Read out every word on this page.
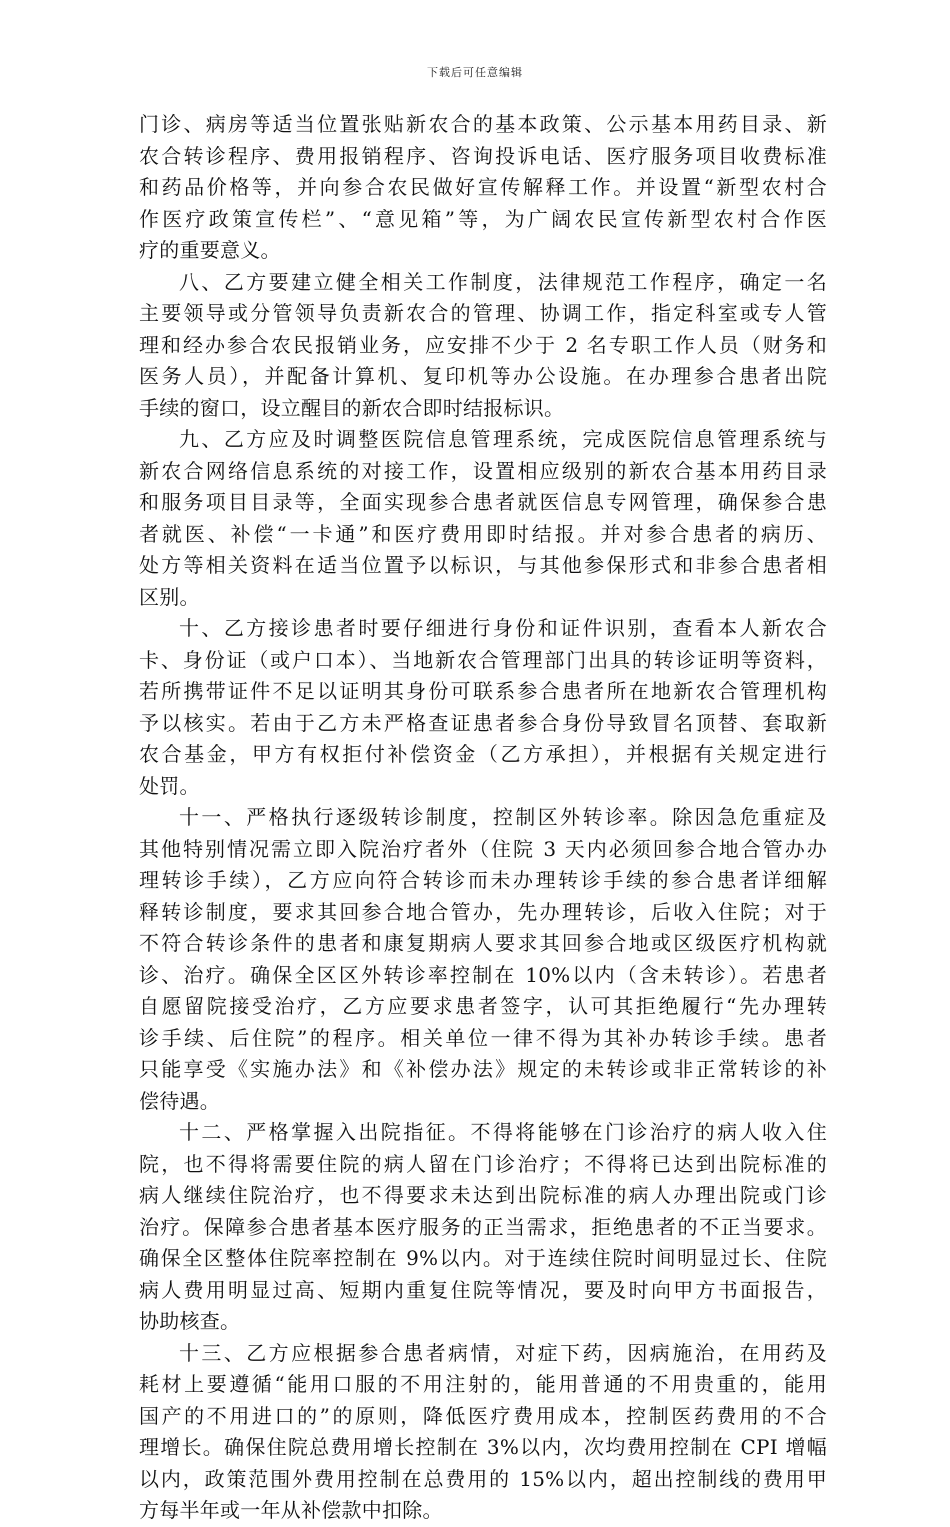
下载后可任意编辑
门诊、病房等适当位置张贴新农合的基本政策、公示基本用药目录、新
农合转诊程序、费用报销程序、咨询投诉电话、医疗服务项目收费标准
和药品价格等，并向参合农民做好宣传解释工作。并设置“新型农村合
作医疗政策宣传栏”、“意见箱”等，为广阔农民宣传新型农村合作医
疗的重要意义。
八、乙方要建立健全相关工作制度，法律规范工作程序，确定一名
主要领导或分管领导负责新农合的管理、协调工作，指定科室或专人管
理和经办参合农民报销业务，应安排不少于 2 名专职工作人员（财务和
医务人员），并配备计算机、复印机等办公设施。在办理参合患者出院
手续的窗口，设立醒目的新农合即时结报标识。
九、乙方应及时调整医院信息管理系统，完成医院信息管理系统与
新农合网络信息系统的对接工作，设置相应级别的新农合基本用药目录
和服务项目目录等，全面实现参合患者就医信息专网管理，确保参合患
者就医、补偿“一卡通”和医疗费用即时结报。并对参合患者的病历、
处方等相关资料在适当位置予以标识，与其他参保形式和非参合患者相
区别。
十、乙方接诊患者时要仔细进行身份和证件识别，查看本人新农合
卡、身份证（或户口本）、当地新农合管理部门出具的转诊证明等资料，
若所携带证件不足以证明其身份可联系参合患者所在地新农合管理机构
予以核实。若由于乙方未严格查证患者参合身份导致冒名顶替、套取新
农合基金，甲方有权拒付补偿资金（乙方承担），并根据有关规定进行
处罚。
十一、严格执行逐级转诊制度，控制区外转诊率。除因急危重症及
其他特别情况需立即入院治疗者外（住院 3 天内必须回参合地合管办办
理转诊手续），乙方应向符合转诊而未办理转诊手续的参合患者详细解
释转诊制度，要求其回参合地合管办，先办理转诊，后收入住院；对于
不符合转诊条件的患者和康复期病人要求其回参合地或区级医疗机构就
诊、治疗。确保全区区外转诊率控制在 10%以内（含未转诊）。若患者
自愿留院接受治疗，乙方应要求患者签字，认可其拒绝履行“先办理转
诊手续、后住院”的程序。相关单位一律不得为其补办转诊手续。患者
只能享受《实施办法》和《补偿办法》规定的未转诊或非正常转诊的补
偿待遇。
十二、严格掌握入出院指征。不得将能够在门诊治疗的病人收入住
院，也不得将需要住院的病人留在门诊治疗；不得将已达到出院标准的
病人继续住院治疗，也不得要求未达到出院标准的病人办理出院或门诊
治疗。保障参合患者基本医疗服务的正当需求，拒绝患者的不正当要求。
确保全区整体住院率控制在 9%以内。对于连续住院时间明显过长、住院
病人费用明显过高、短期内重复住院等情况，要及时向甲方书面报告，
协助核查。
十三、乙方应根据参合患者病情，对症下药，因病施治，在用药及
耗材上要遵循“能用口服的不用注射的，能用普通的不用贵重的，能用
国产的不用进口的”的原则，降低医疗费用成本，控制医药费用的不合
理增长。确保住院总费用增长控制在 3%以内，次均费用控制在 CPI 增幅
以内，政策范围外费用控制在总费用的 15%以内，超出控制线的费用甲
方每半年或一年从补偿款中扣除。
